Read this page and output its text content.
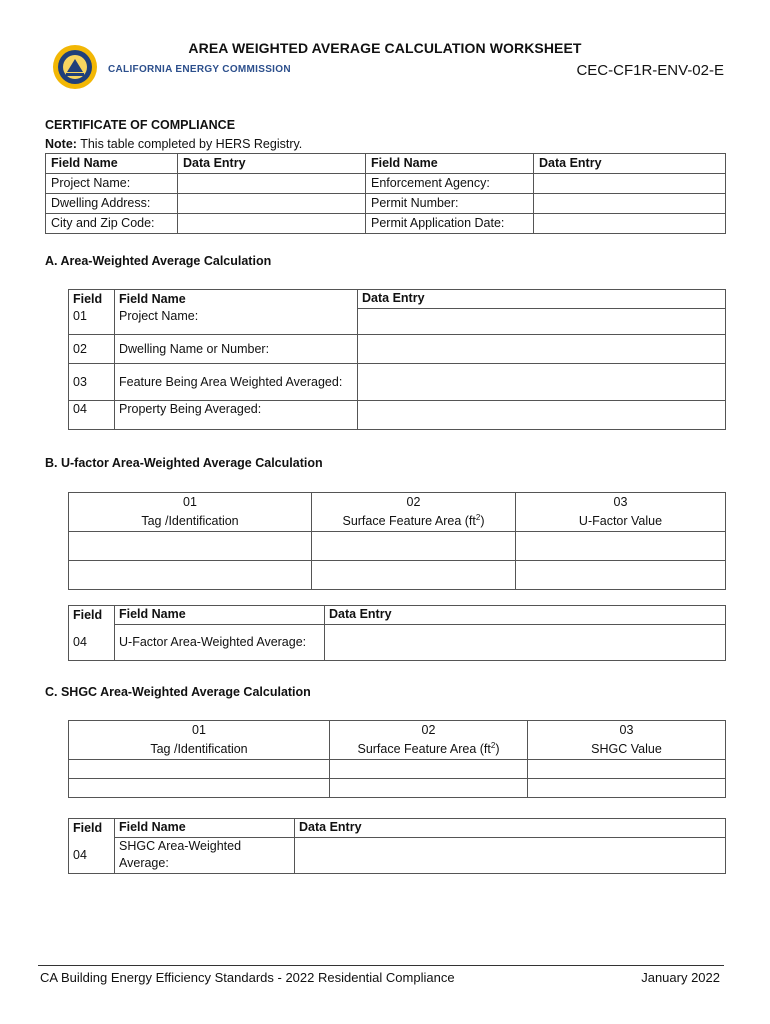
CALIFORNIA ENERGY COMMISSION
AREA WEIGHTED AVERAGE CALCULATION WORKSHEET
CEC-CF1R-ENV-02-E
CERTIFICATE OF COMPLIANCE
Note: This table completed by HERS Registry.
Field Name	Data Entry	Field Name	Data Entry
Project Name:		Enforcement Agency:	
Dwelling Address:		Permit Number:	
City and Zip Code:		Permit Application Date:	
A. Area-Weighted Average Calculation
Field	Field Name	Data Entry
01	Project Name:	
02	Dwelling Name or Number:	
03	Feature Being Area Weighted Averaged:	
04	Property Being Averaged:	
B. U-factor Area-Weighted Average Calculation
01	02	03
Tag /Identification	Surface Feature Area $(ft^2)$	U-Factor Value

Field	Field Name	Data Entry
04	U-Factor Area-Weighted Average:	
C. SHGC Area-Weighted Average Calculation
01	02	03
Tag /Identification	Surface Feature Area $(ft^2)$	SHGC Value

Field	Field Name	Data Entry
04	SHGC Area-Weighted Average:	
CA Building Energy Efficiency Standards - 2022 Residential Compliance	January 2022
